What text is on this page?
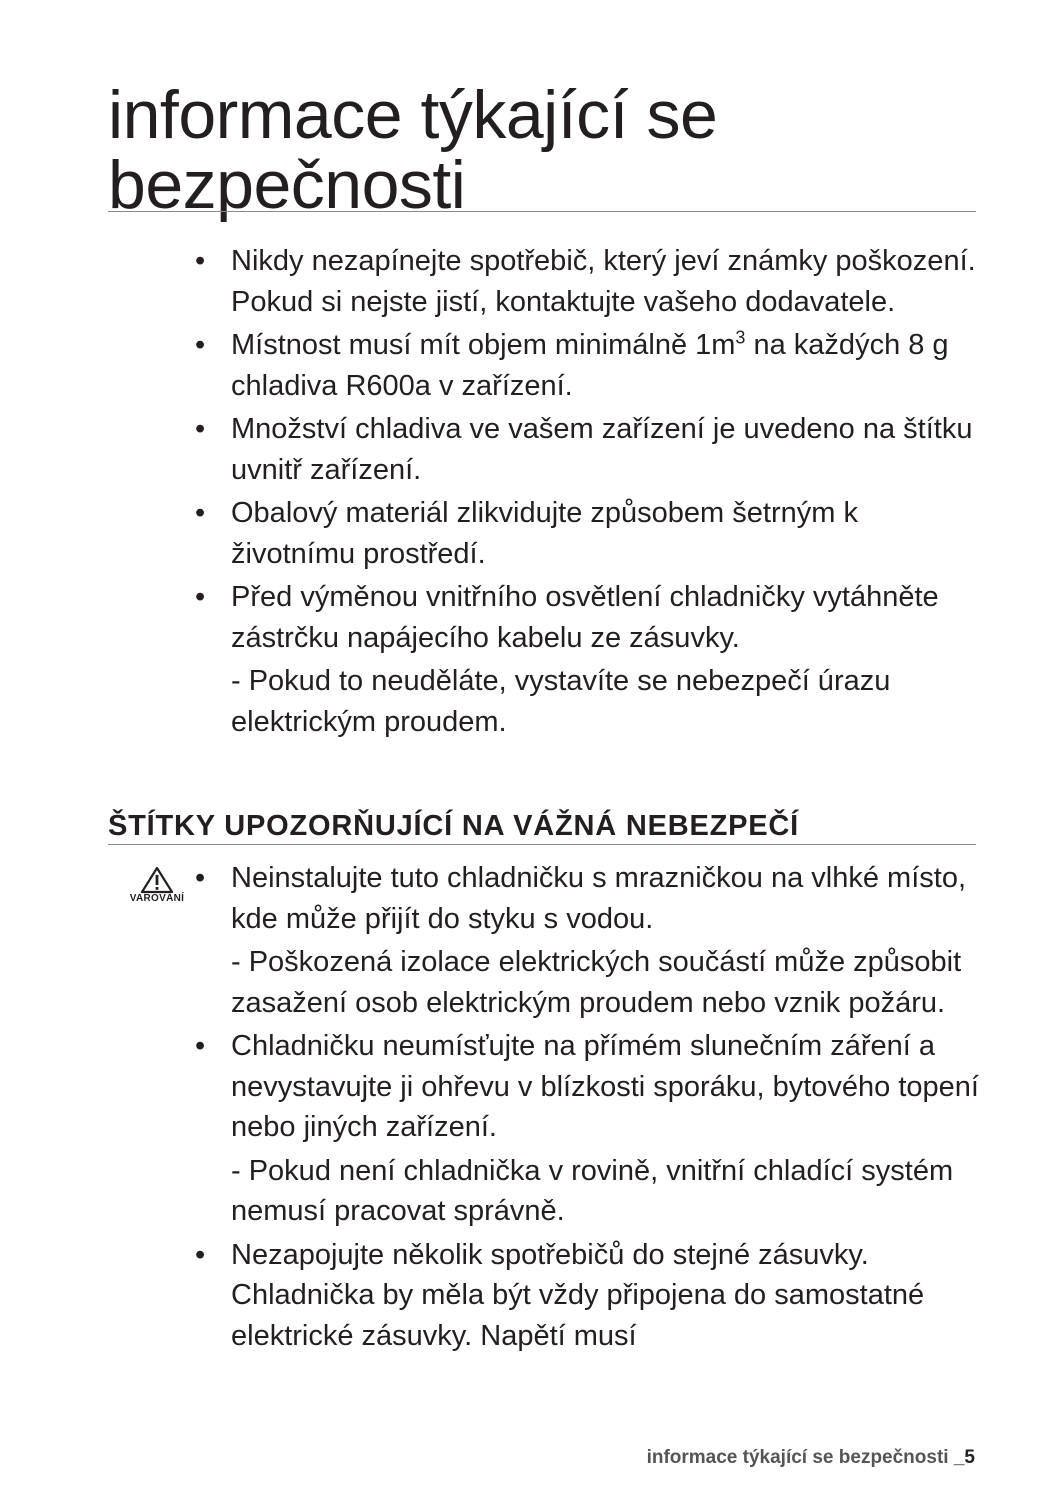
informace týkající se bezpečnosti
• Nikdy nezapínejte spotřebič, který jeví známky poškození. Pokud si nejste jistí, kontaktujte vašeho dodavatele.

• Místnost musí mít objem minimálně $1m^3$ na každých 8 g chladiva R600a v zařízení.

• Množství chladiva ve vašem zařízení je uvedeno na štítku uvnitř zařízení.

• Obalový materiál zlikvidujte způsobem šetrným k životnímu prostředí.

• Před výměnou vnitřního osvětlení chladničky vytáhněte zástrčku napájecího kabelu ze zásuvky.

- Pokud to neuděláte, vystavíte se nebezpečí úrazu elektrickým proudem.

ŠTÍTKY UPOZORŇUJÍCÍ NA VÁŽNÁ NEBEZPEČÍ
VAROVÁNÍ
• Neinstalujte tuto chladničku s mrazničkou na vlhké místo, kde může přijít do styku s vodou.

- Poškozená izolace elektrických součástí může způsobit zasažení osob elektrickým proudem nebo vznik požáru.

• Chladničku neumísťujte na přímém slunečním záření a nevystavujte ji ohřevu v blízkosti sporáku, bytového topení nebo jiných zařízení.

- Pokud není chladnička v rovině, vnitřní chladící systém nemusí pracovat správně.

• Nezapojujte několik spotřebičů do stejné zásuvky. Chladnička by měla být vždy připojena do samostatné elektrické zásuvky. Napětí musí

informace týkající se bezpečnosti _5
